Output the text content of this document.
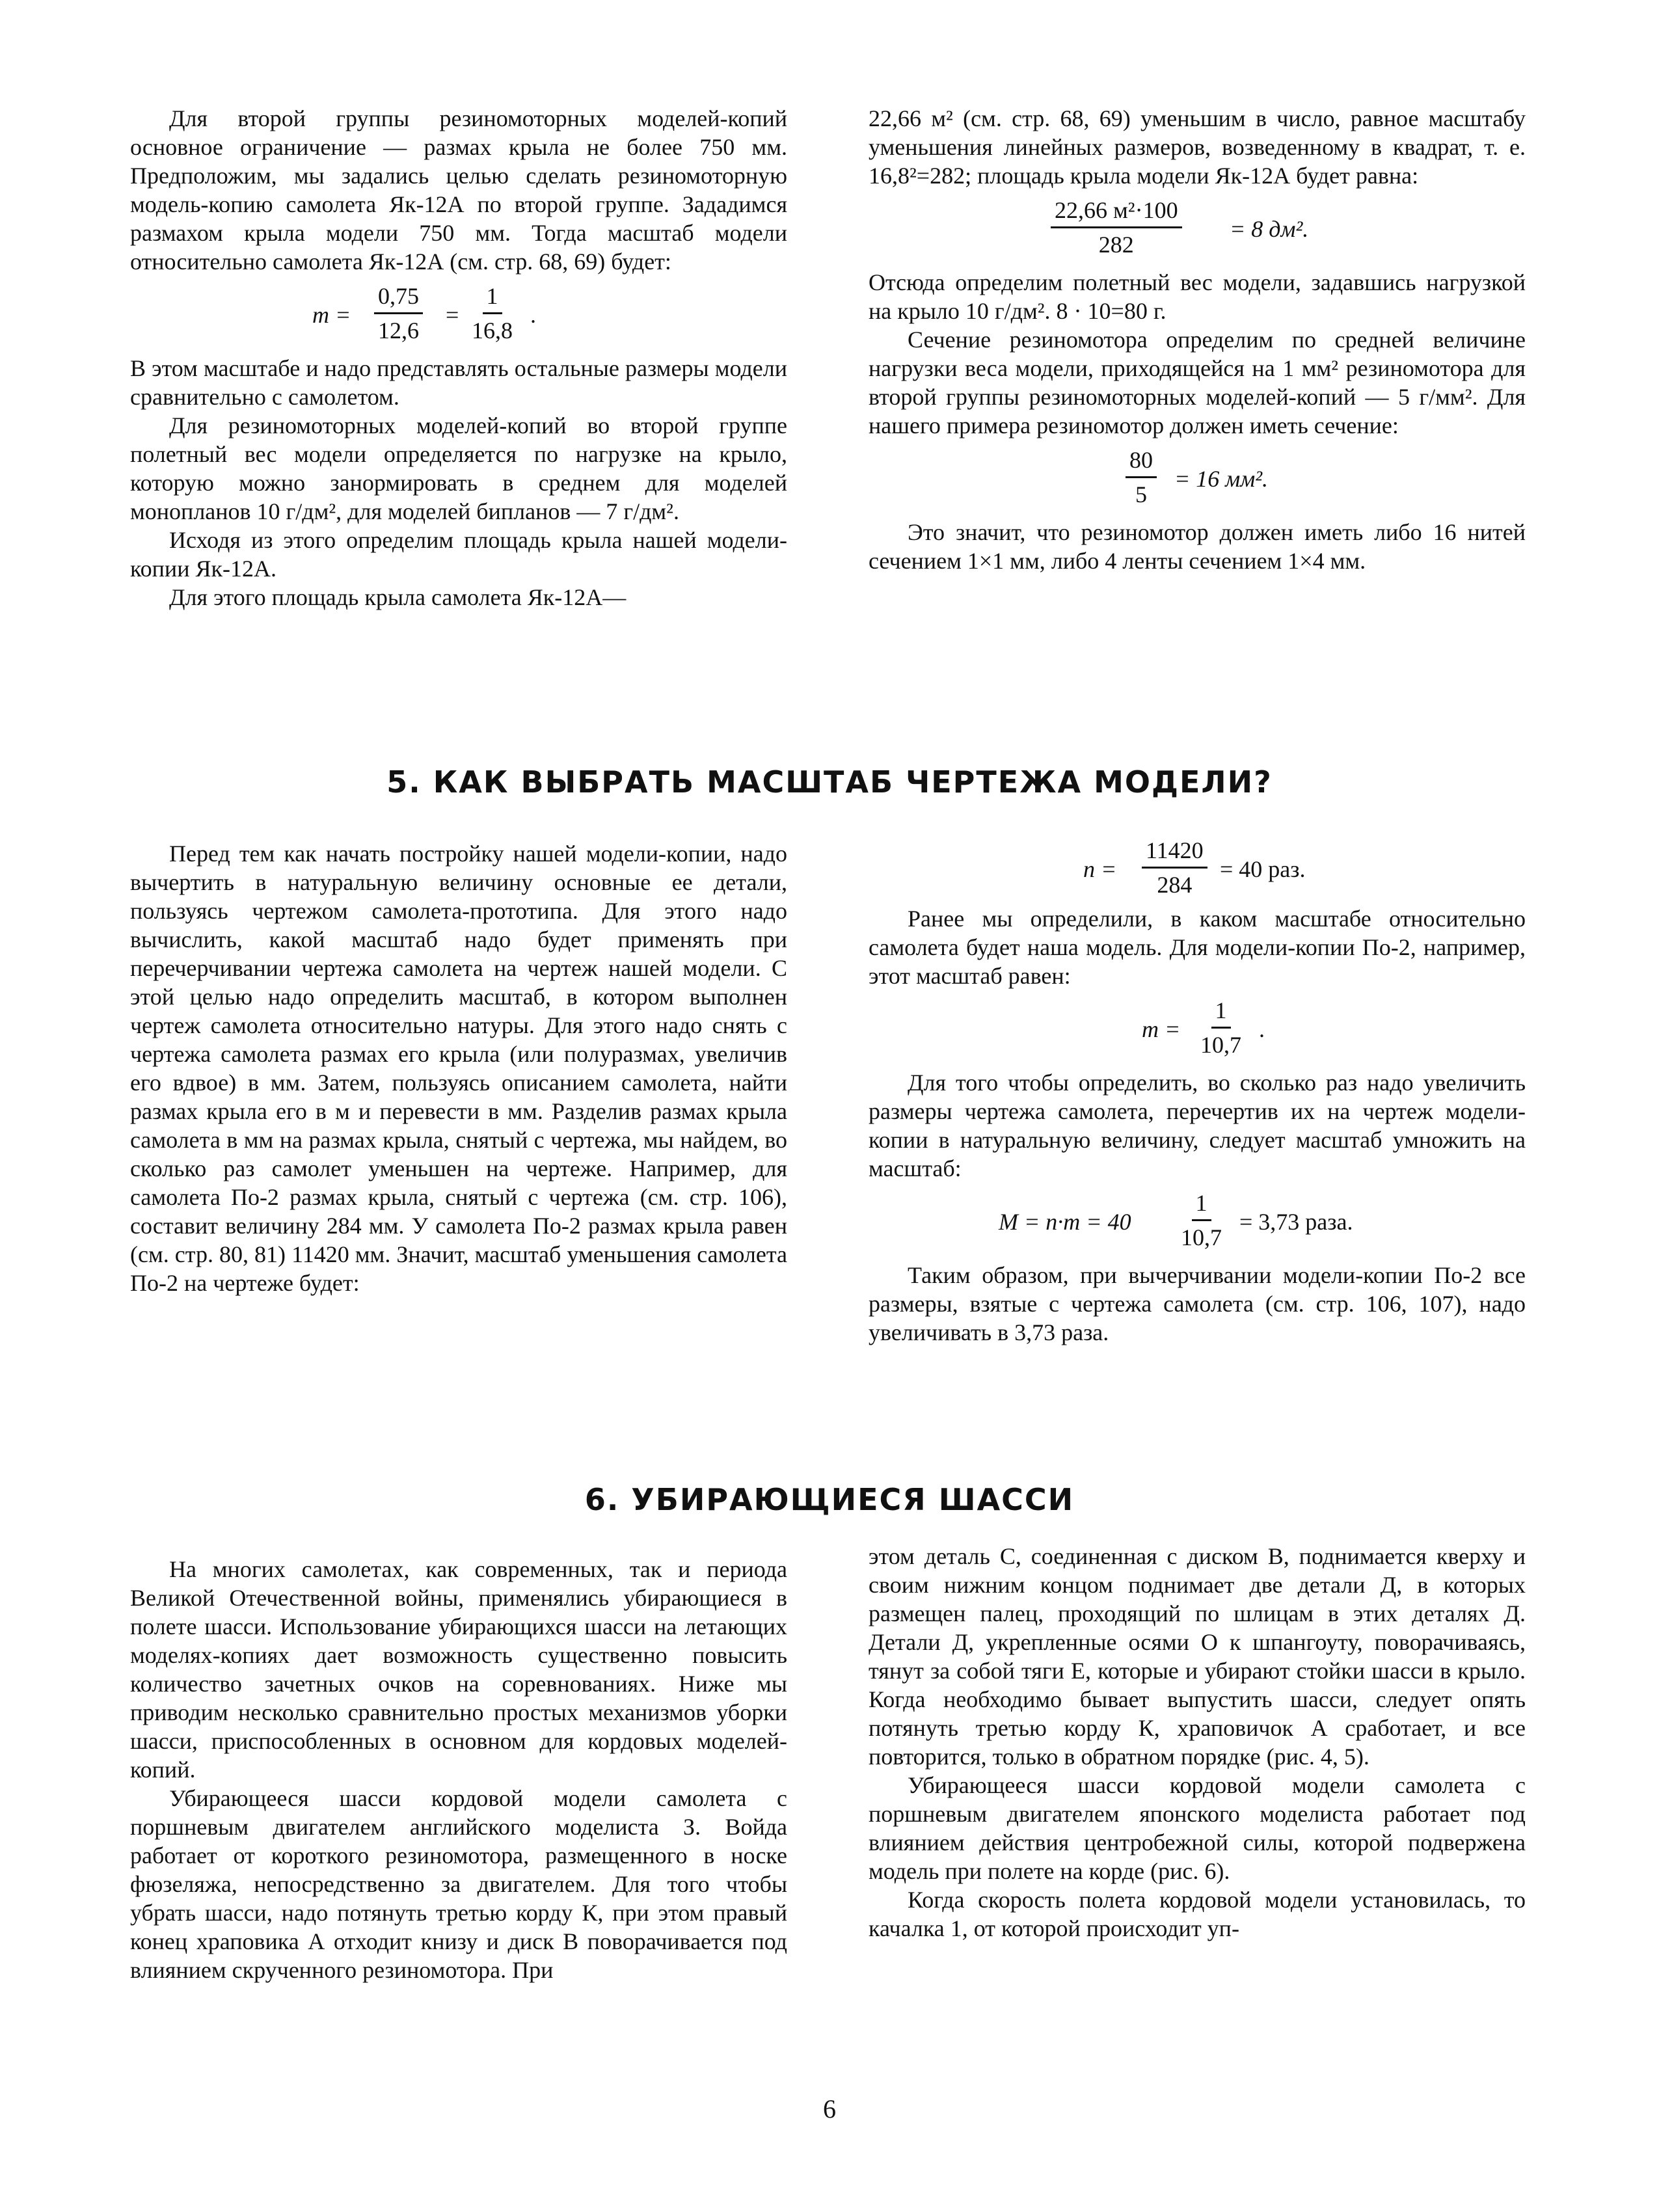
Для второй группы резиномоторных моделей-копий основное ограничение — размах крыла не более 750 мм. Предположим, мы задались целью сделать резиномоторную модель-копию самолета Як-12А по второй группе. Зададимся размахом крыла модели 750 мм. Тогда масштаб модели относительно самолета Як-12А (см. стр. 68, 69) будет:

$m = \frac{0,75}{12,6} = \frac{1}{16,8}$ .

В этом масштабе и надо представлять остальные размеры модели сравнительно с самолетом.

Для резиномоторных моделей-копий во второй группе полетный вес модели определяется по нагрузке на крыло, которую можно занормировать в среднем для моделей монопланов 10 г/дм², для моделей бипланов — 7 г/дм².

Исходя из этого определим площадь крыла нашей модели-копии Як-12А.

Для этого площадь крыла самолета Як-12А—

22,66 м² (см. стр. 68, 69) уменьшим в число, равное масштабу уменьшения линейных размеров, возведенному в квадрат, т. е. 16,8²=282; площадь крыла модели Як-12А будет равна:

22,66 м²·100
282
= 8 дм².

Отсюда определим полетный вес модели, задавшись нагрузкой на крыло 10 г/дм². 8 · 10=80 г.

Сечение резиномотора определим по средней величине нагрузки веса модели, приходящейся на 1 мм² резиномотора для второй группы резиномоторных моделей-копий — 5 г/мм². Для нашего примера резиномотор должен иметь сечение:

$\frac{80}{5} = 16$ мм².

Это значит, что резиномотор должен иметь либо 16 нитей сечением 1×1 мм, либо 4 ленты сечением 1×4 мм.

5. КАК ВЫБРАТЬ МАСШТАБ ЧЕРТЕЖА МОДЕЛИ?

Перед тем как начать постройку нашей модели-копии, надо вычертить в натуральную величину основные ее детали, пользуясь чертежом самолета-прототипа. Для этого надо вычислить, какой масштаб надо будет применять при перечерчивании чертежа самолета на чертеж нашей модели. С этой целью надо определить масштаб, в котором выполнен чертеж самолета относительно натуры. Для этого надо снять с чертежа самолета размах его крыла (или полуразмах, увеличив его вдвое) в мм. Затем, пользуясь описанием самолета, найти размах крыла его в м и перевести в мм. Разделив размах крыла самолета в мм на размах крыла, снятый с чертежа, мы найдем, во сколько раз самолет уменьшен на чертеже. Например, для самолета По-2 размах крыла, снятый с чертежа (см. стр. 106), составит величину 284 мм. У самолета По-2 размах крыла равен (см. стр. 80, 81) 11420 мм. Значит, масштаб уменьшения самолета По-2 на чертеже будет:

$n = \frac{11420}{284} = 40$ раз.

Ранее мы определили, в каком масштабе относительно самолета будет наша модель. Для модели-копии По-2, например, этот масштаб равен:

$m = \frac{1}{10,7}$ .

Для того чтобы определить, во сколько раз надо увеличить размеры чертежа самолета, перечертив их на чертеж модели-копии в натуральную величину, следует масштаб умножить на масштаб:

$M = n\cdot m = 40 \frac{1}{10,7} = 3,73$ раза.

Таким образом, при вычерчивании модели-копии По-2 все размеры, взятые с чертежа самолета (см. стр. 106, 107), надо увеличивать в 3,73 раза.

6. УБИРАЮЩИЕСЯ ШАССИ

На многих самолетах, как современных, так и периода Великой Отечественной войны, применялись убирающиеся в полете шасси. Использование убирающихся шасси на летающих моделях-копиях дает возможность существенно повысить количество зачетных очков на соревнованиях. Ниже мы приводим несколько сравнительно простых механизмов уборки шасси, приспособленных в основном для кордовых моделей-копий.

Убирающееся шасси кордовой модели самолета с поршневым двигателем английского моделиста З. Войда работает от короткого резиномотора, размещенного в носке фюзеляжа, непосредственно за двигателем. Для того чтобы убрать шасси, надо потянуть третью корду К, при этом правый конец храповика А отходит книзу и диск В поворачивается под влиянием скрученного резиномотора. При

этом деталь С, соединенная с диском В, поднимается кверху и своим нижним концом поднимает две детали Д, в которых размещен палец, проходящий по шлицам в этих деталях Д. Детали Д, укрепленные осями О к шпангоуту, поворачиваясь, тянут за собой тяги Е, которые и убирают стойки шасси в крыло. Когда необходимо бывает выпустить шасси, следует опять потянуть третью корду К, храповичок А сработает, и все повторится, только в обратном порядке (рис. 4, 5).

Убирающееся шасси кордовой модели самолета с поршневым двигателем японского моделиста работает под влиянием действия центробежной силы, которой подвержена модель при полете на корде (рис. 6).

Когда скорость полета кордовой модели установилась, то качалка 1, от которой происходит уп-

6
